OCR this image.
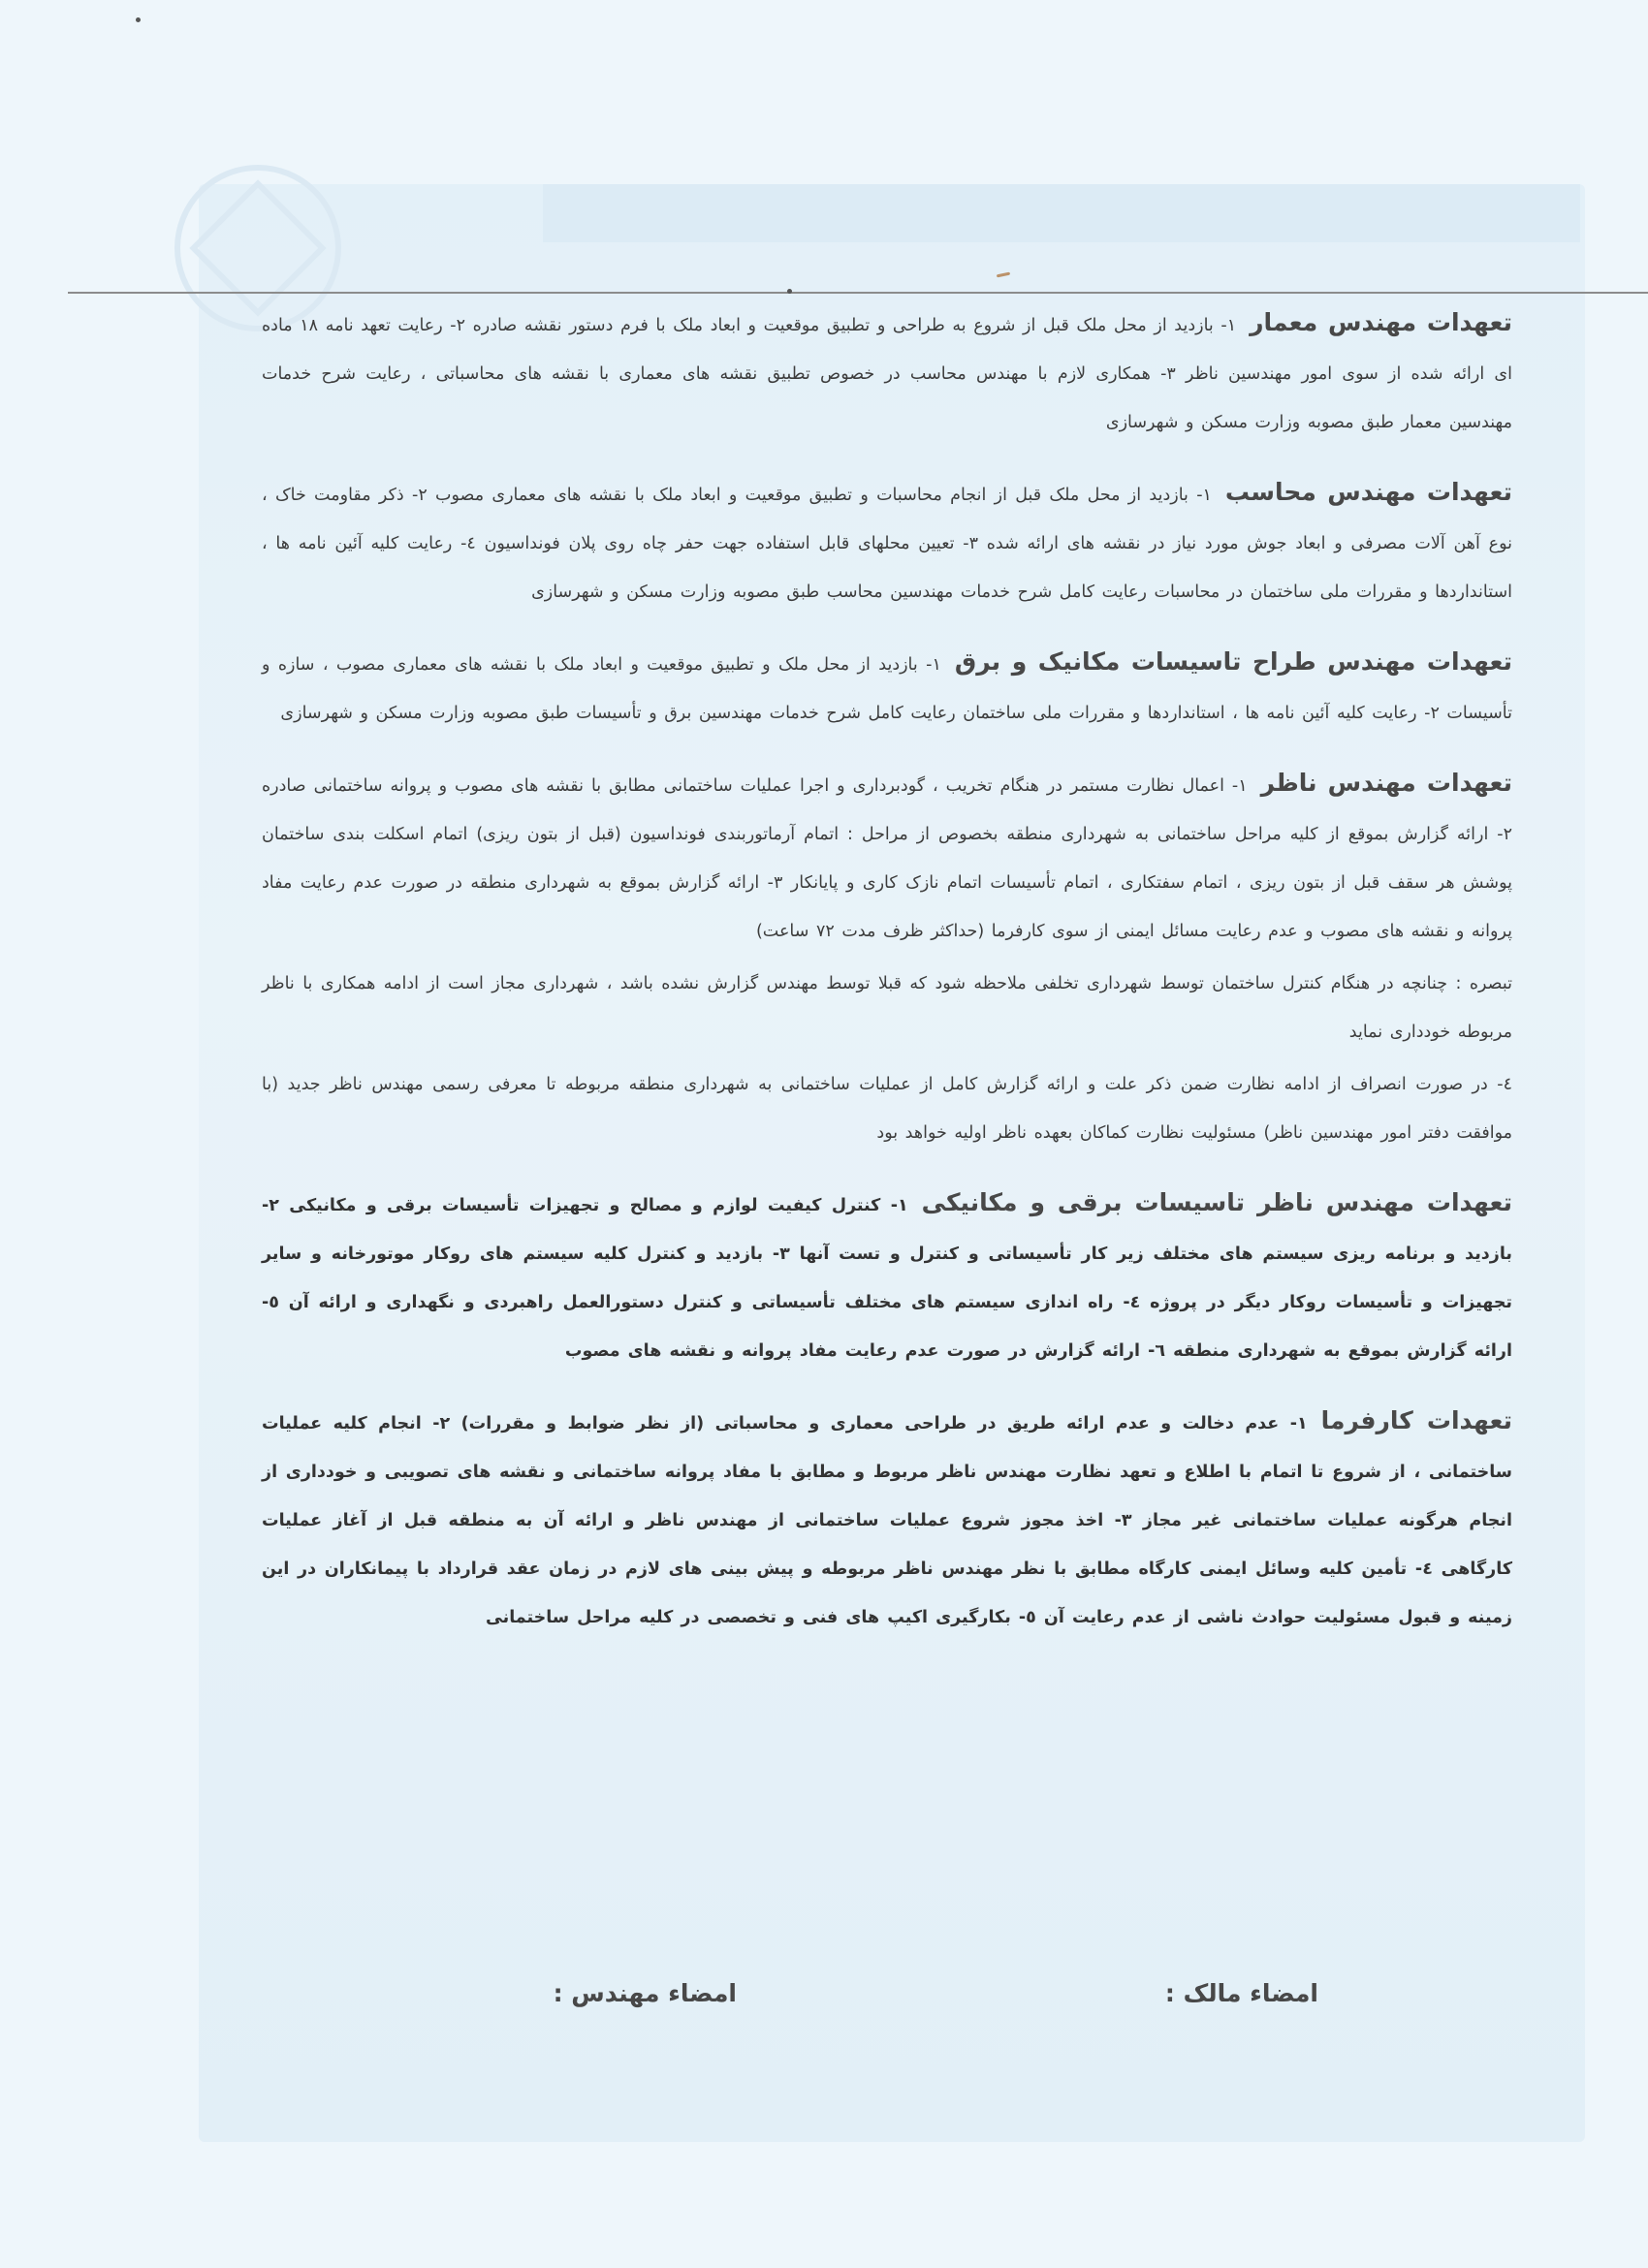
تعهدات مهندس معمار۱- بازدید از محل ملک قبل از شروع به طراحی و تطبیق موقعیت و ابعاد ملک با فرم دستور نقشه صادره ۲- رعایت تعهد نامه ۱۸ ماده ای ارائه شده از سوی امور مهندسین ناظر ۳- همکاری لازم با مهندس محاسب در خصوص تطبیق نقشه های معماری با نقشه های محاسباتی ، رعایت شرح خدمات مهندسین معمار طبق مصوبه وزارت مسکن و شهرسازی

تعهدات مهندس محاسب۱- بازدید از محل ملک قبل از انجام محاسبات و تطبیق موقعیت و ابعاد ملک با نقشه های معماری مصوب ۲- ذکر مقاومت خاک ، نوع آهن آلات مصرفی و ابعاد جوش مورد نیاز در نقشه های ارائه شده ۳- تعیین محلهای قابل استفاده جهت حفر چاه روی پلان فونداسیون ٤- رعایت کلیه آئین نامه ها ، استانداردها و مقررات ملی ساختمان در محاسبات رعایت کامل شرح خدمات مهندسین محاسب طبق مصوبه وزارت مسکن و شهرسازی

تعهدات مهندس طراح تاسیسات مکانیک و برق۱- بازدید از محل ملک و تطبیق موقعیت و ابعاد ملک با نقشه های معماری مصوب ، سازه و تأسیسات ۲- رعایت کلیه آئین نامه ها ، استانداردها و مقررات ملی ساختمان رعایت کامل شرح خدمات مهندسین برق و تأسیسات طبق مصوبه وزارت مسکن و شهرسازی

تعهدات مهندس ناظر۱- اعمال نظارت مستمر در هنگام تخریب ، گودبرداری و اجرا عملیات ساختمانی مطابق با نقشه های مصوب و پروانه ساختمانی صادره ۲- ارائه گزارش بموقع از کلیه مراحل ساختمانی به شهرداری منطقه بخصوص از مراحل : اتمام آرماتوربندی فونداسیون (قبل از بتون ریزی) اتمام اسکلت بندی ساختمان پوشش هر سقف قبل از بتون ریزی ، اتمام سفتکاری ، اتمام تأسیسات اتمام نازک کاری و پایانکار ۳- ارائه گزارش بموقع به شهرداری منطقه در صورت عدم رعایت مفاد پروانه و نقشه های مصوب و عدم رعایت مسائل ایمنی از سوی کارفرما (حداکثر ظرف مدت ۷۲ ساعت)

تبصره : چنانچه در هنگام کنترل ساختمان توسط شهرداری تخلفی ملاحظه شود که قبلا توسط مهندس گزارش نشده باشد ، شهرداری مجاز است از ادامه همکاری با ناظر مربوطه خودداری نماید

٤- در صورت انصراف از ادامه نظارت ضمن ذکر علت و ارائه گزارش کامل از عملیات ساختمانی به شهرداری منطقه مربوطه تا معرفی رسمی مهندس ناظر جدید (با موافقت دفتر امور مهندسین ناظر) مسئولیت نظارت کماکان بعهده ناظر اولیه خواهد بود

تعهدات مهندس ناظر تاسیسات برقی و مکانیکی۱- کنترل کیفیت لوازم و مصالح و تجهیزات تأسیسات برقی و مکانیکی ۲- بازدید و برنامه ریزی سیستم های مختلف زیر کار تأسیساتی و کنترل و تست آنها ۳- بازدید و کنترل کلیه سیستم های روکار موتورخانه و سایر تجهیزات و تأسیسات روکار دیگر در پروژه ٤- راه اندازی سیستم های مختلف تأسیساتی و کنترل دستورالعمل راهبردی و نگهداری و ارائه آن ٥- ارائه گزارش بموقع به شهرداری منطقه ٦- ارائه گزارش در صورت عدم رعایت مفاد پروانه و نقشه های مصوب

تعهدات کارفرما۱- عدم دخالت و عدم ارائه طریق در طراحی معماری و محاسباتی (از نظر ضوابط و مقررات) ۲- انجام کلیه عملیات ساختمانی ، از شروع تا اتمام با اطلاع و تعهد نظارت مهندس ناظر مربوط و مطابق با مفاد پروانه ساختمانی و نقشه های تصویبی و خودداری از انجام هرگونه عملیات ساختمانی غیر مجاز ۳- اخذ مجوز شروع عملیات ساختمانی از مهندس ناظر و ارائه آن به منطقه قبل از آغاز عملیات کارگاهی ٤- تأمین کلیه وسائل ایمنی کارگاه مطابق با نظر مهندس ناظر مربوطه و پیش بینی های لازم در زمان عقد قرارداد با پیمانکاران در این زمینه و قبول مسئولیت حوادث ناشی از عدم رعایت آن ٥- بکارگیری اکیپ های فنی و تخصصی در کلیه مراحل ساختمانی

امضاء مالک :
امضاء مهندس :
